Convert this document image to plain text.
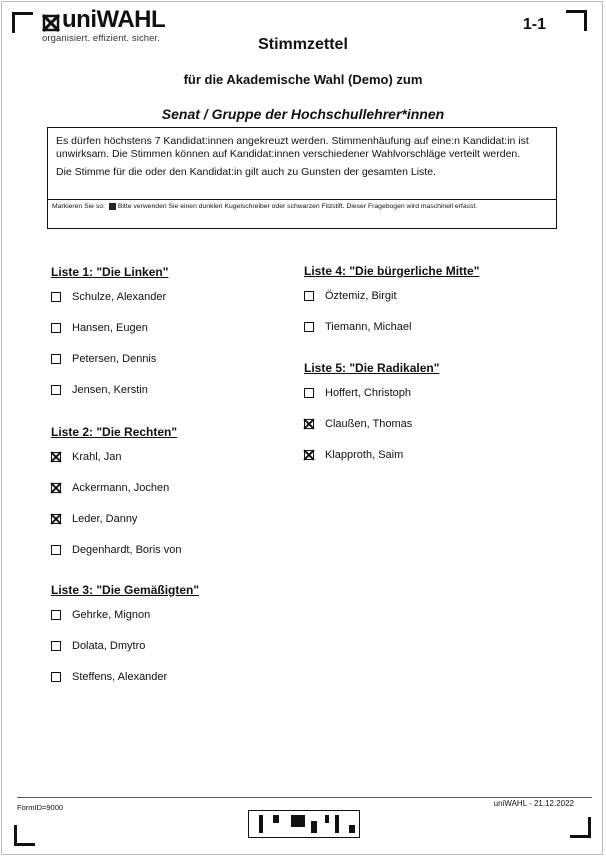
uniWAHL
organisiert. effizient. sicher.
1-1
Stimmzettel
für die Akademische Wahl (Demo) zum
Senat / Gruppe der Hochschullehrer*innen

Es dürfen höchstens 7 Kandidat:innen angekreuzt werden. Stimmenhäufung auf eine:n Kandidat:in ist unwirksam. Die Stimmen können auf Kandidat:innen verschiedener Wahlvorschläge verteilt werden.

Die Stimme für die oder den Kandidat:in gilt auch zu Gunsten der gesamten Liste.

Markieren Sie so: Bitte verwenden Sie einen dunklen Kugelschreiber oder schwarzen Filzstift. Dieser Fragebogen wird maschinell erfasst.
Liste 1: "Die Linken"
Schulze, Alexander
Hansen, Eugen
Petersen, Dennis
Jensen, Kerstin
Liste 2: "Die Rechten"
Krahl, Jan
Ackermann, Jochen
Leder, Danny
Degenhardt, Boris von
Liste 3: "Die Gemäßigten"
Gehrke, Mignon
Dolata, Dmytro
Steffens, Alexander
Liste 4: "Die bürgerliche Mitte"
Öztemiz, Birgit
Tiemann, Michael
Liste 5: "Die Radikalen"
Hoffert, Christoph
Claußen, Thomas
Klapproth, Saim
FormID=9000	uniWAHL - 21.12.2022
